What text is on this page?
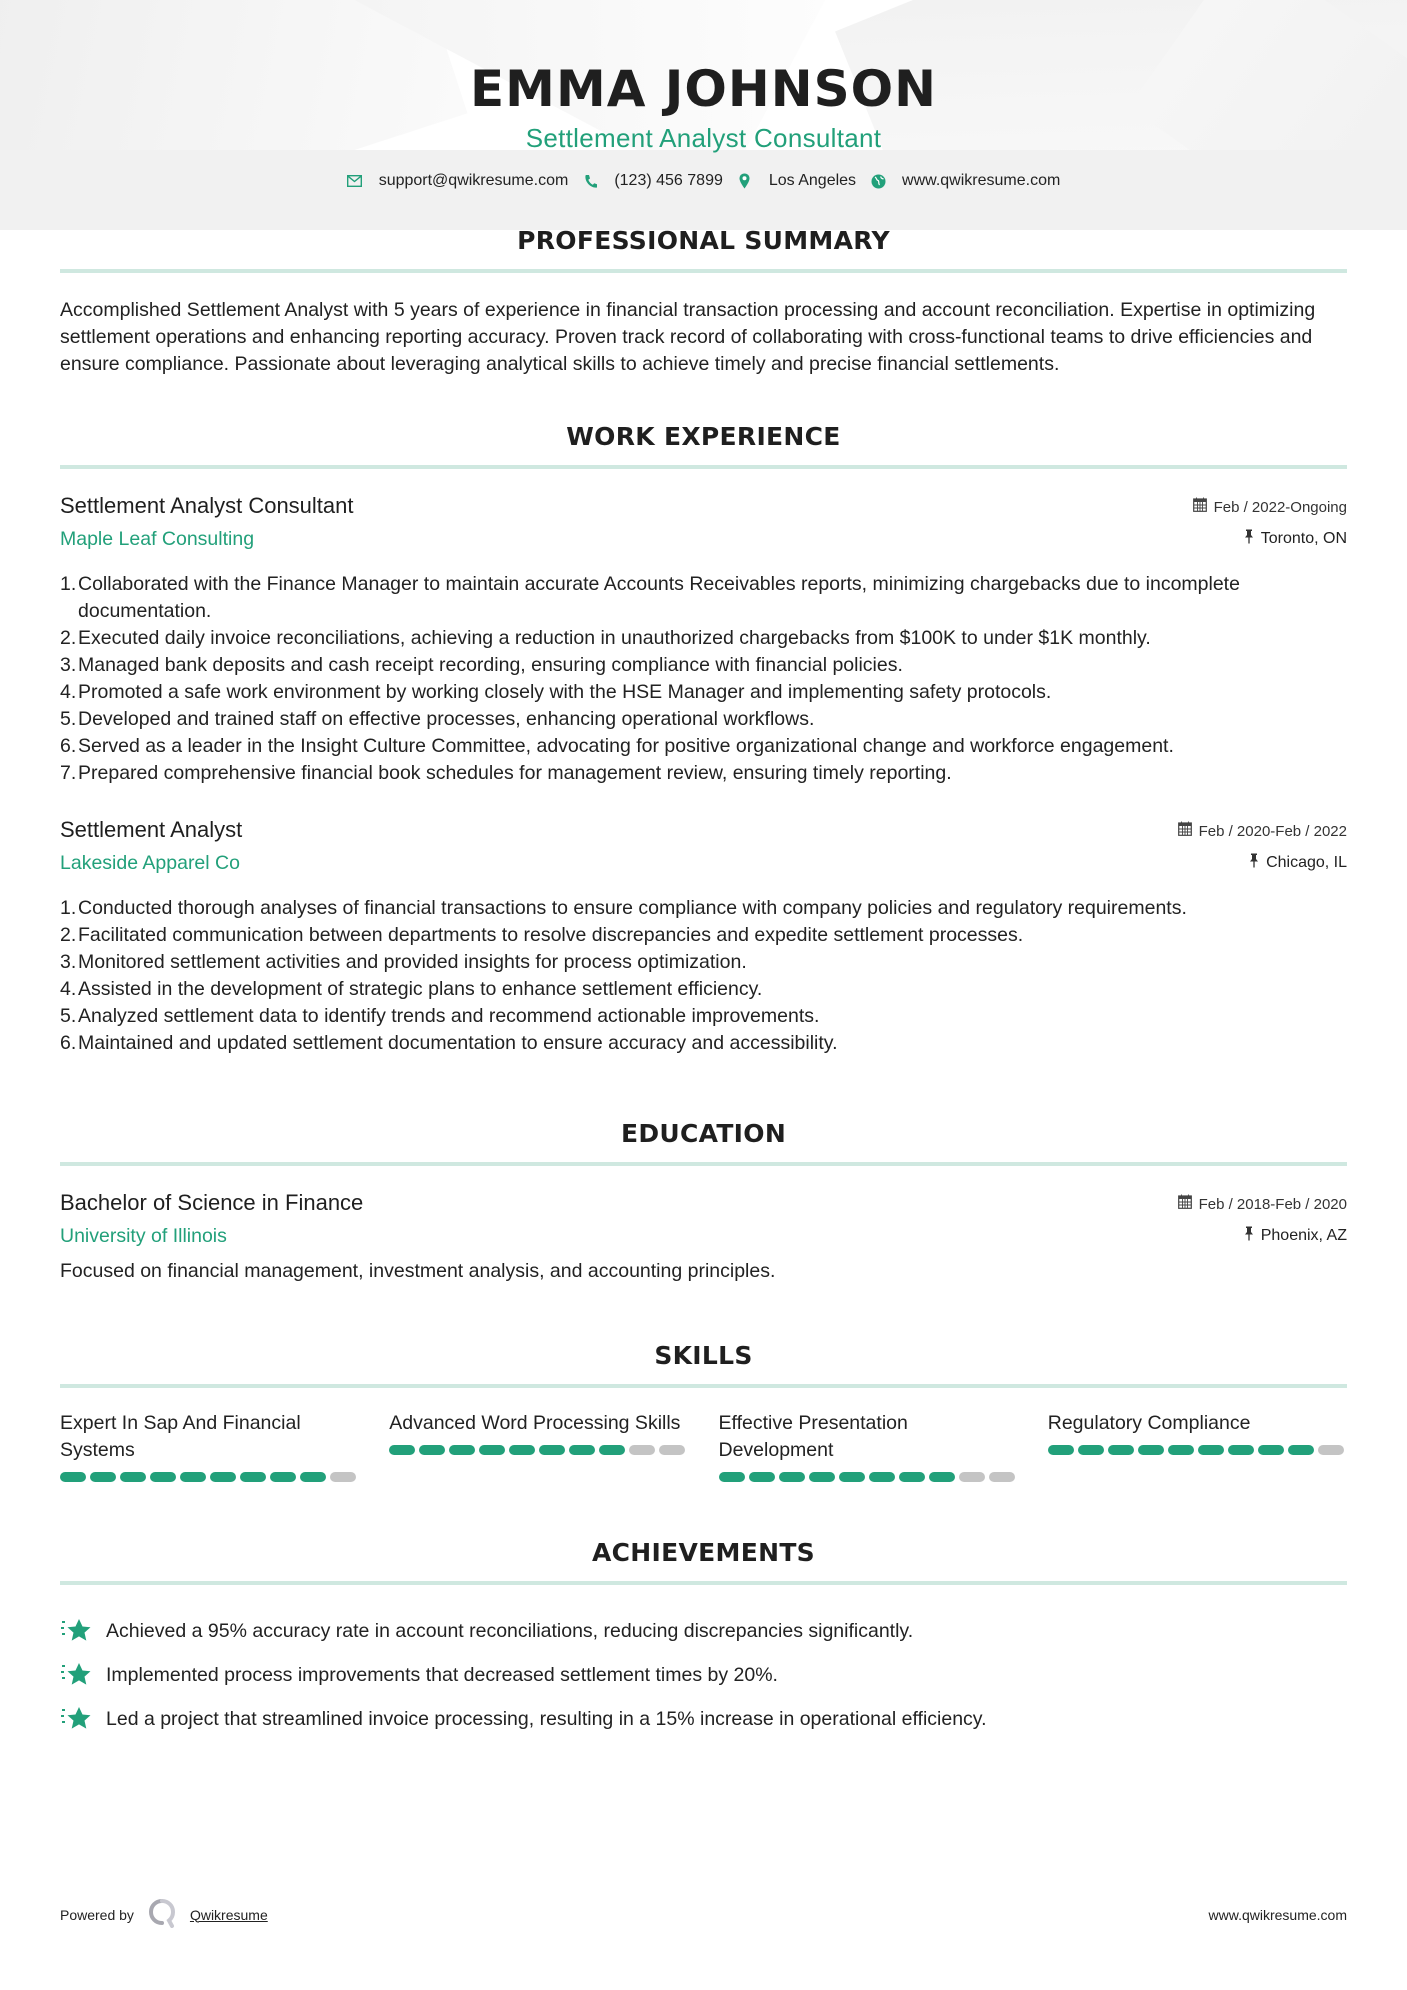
EMMA JOHNSON
Settlement Analyst Consultant
support@qwikresume.com	(123) 456 7899	Los Angeles	www.qwikresume.com
PROFESSIONAL SUMMARY

Accomplished Settlement Analyst with 5 years of experience in financial transaction processing and account reconciliation. Expertise in optimizing settlement operations and enhancing reporting accuracy. Proven track record of collaborating with cross-functional teams to drive efficiencies and ensure compliance. Passionate about leveraging analytical skills to achieve timely and precise financial settlements.

WORK EXPERIENCE
Settlement Analyst Consultant	Feb / 2022-Ongoing
Maple Leaf Consulting	Toronto, ON
1. Collaborated with the Finance Manager to maintain accurate Accounts Receivables reports, minimizing chargebacks due to incomplete documentation.
2. Executed daily invoice reconciliations, achieving a reduction in unauthorized chargebacks from $100K to under $1K monthly.
3. Managed bank deposits and cash receipt recording, ensuring compliance with financial policies.
4. Promoted a safe work environment by working closely with the HSE Manager and implementing safety protocols.
5. Developed and trained staff on effective processes, enhancing operational workflows.
6. Served as a leader in the Insight Culture Committee, advocating for positive organizational change and workforce engagement.
7. Prepared comprehensive financial book schedules for management review, ensuring timely reporting.
Settlement Analyst	Feb / 2020-Feb / 2022
Lakeside Apparel Co	Chicago, IL
1. Conducted thorough analyses of financial transactions to ensure compliance with company policies and regulatory requirements.
2. Facilitated communication between departments to resolve discrepancies and expedite settlement processes.
3. Monitored settlement activities and provided insights for process optimization.
4. Assisted in the development of strategic plans to enhance settlement efficiency.
5. Analyzed settlement data to identify trends and recommend actionable improvements.
6. Maintained and updated settlement documentation to ensure accuracy and accessibility.
EDUCATION
Bachelor of Science in Finance	Feb / 2018-Feb / 2020
University of Illinois	Phoenix, AZ

Focused on financial management, investment analysis, and accounting principles.

SKILLS
Expert In Sap And Financial Systems
Advanced Word Processing Skills	Effective Presentation Development
Regulatory Compliance
ACHIEVEMENTS
Achieved a 95% accuracy rate in account reconciliations, reducing discrepancies significantly.
Implemented process improvements that decreased settlement times by 20%.
Led a project that streamlined invoice processing, resulting in a 15% increase in operational efficiency.
Powered by	Qwikresume	www.qwikresume.com
